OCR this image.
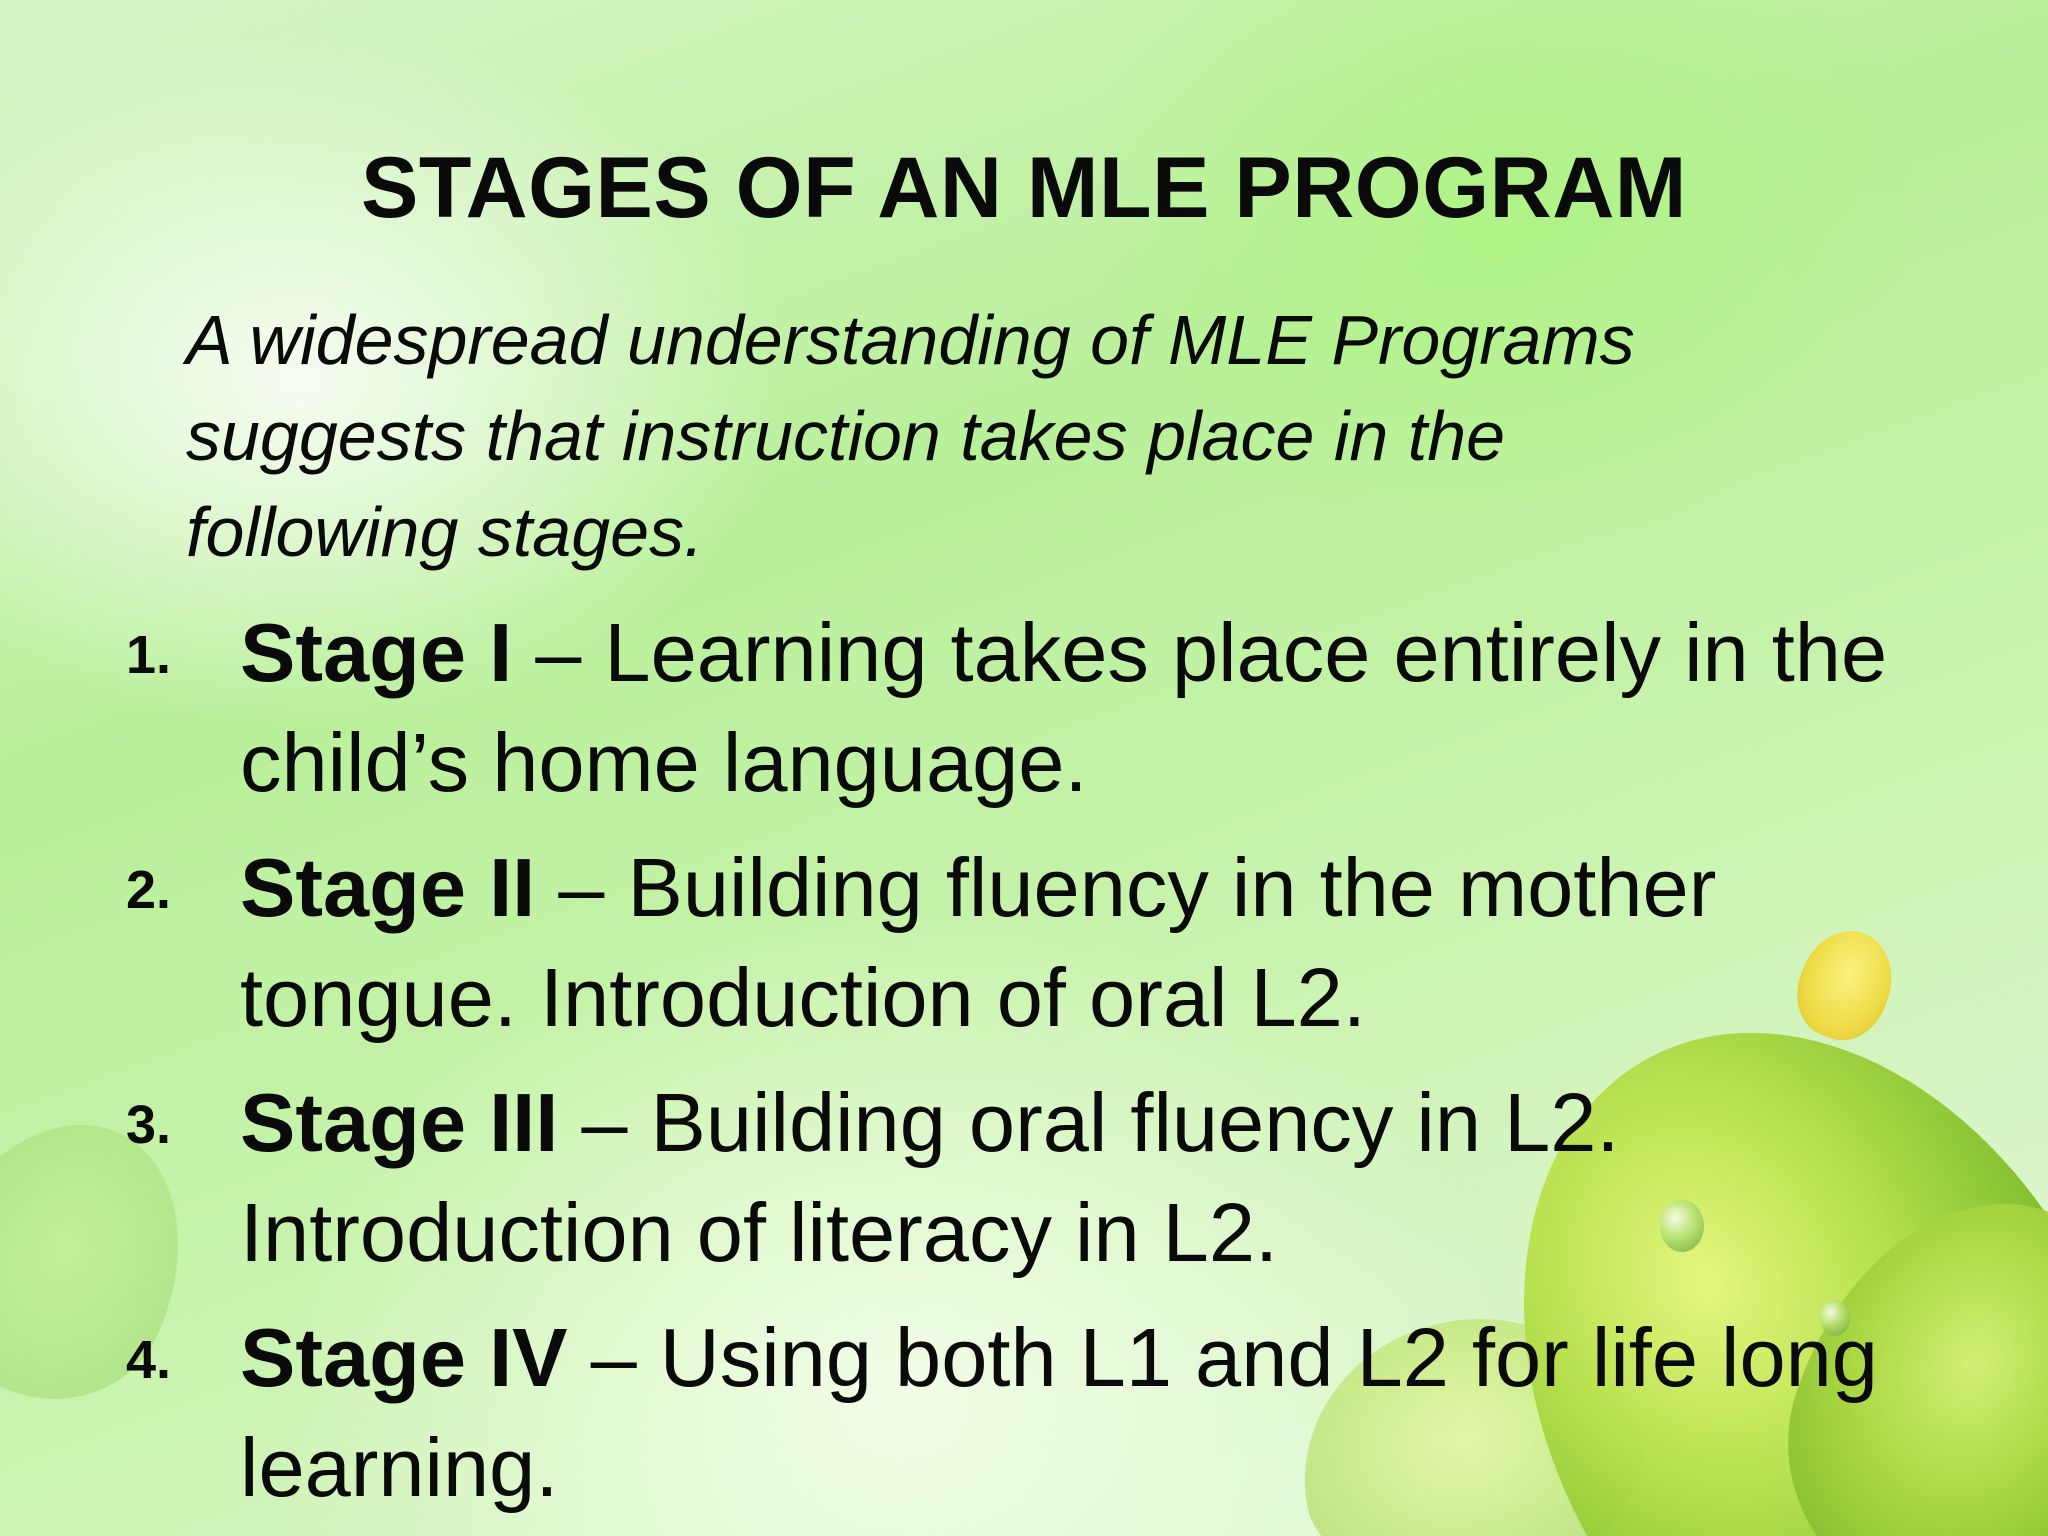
STAGES OF AN MLE PROGRAM
A widespread understanding of MLE Programs
suggests that instruction takes place in the
following stages.
1. Stage I – Learning takes place entirely in the child’s home language.
2. Stage II – Building fluency in the mother tongue. Introduction of oral L2.
3. Stage III – Building oral fluency in L2. Introduction of literacy in L2.
4. Stage IV – Using both L1 and L2 for life long learning.
